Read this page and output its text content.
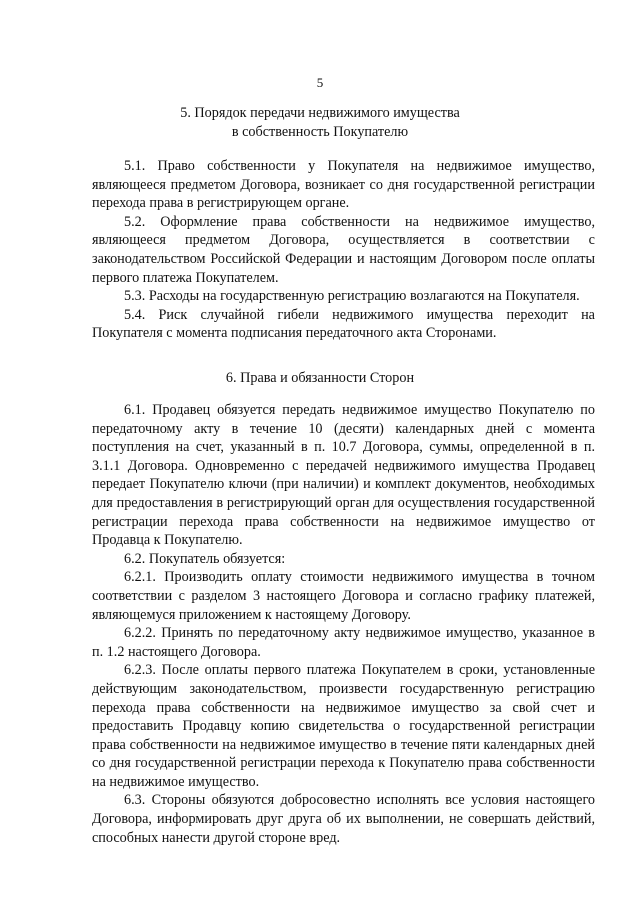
5
5. Порядок передачи недвижимого имущества
в собственность Покупателю

5.1. Право собственности у Покупателя на недвижимое имущество, являющееся предметом Договора, возникает со дня государственной регистрации перехода права в регистрирующем органе.

5.2. Оформление права собственности на недвижимое имущество, являющееся предметом Договора, осуществляется в соответствии с законодательством Российской Федерации и настоящим Договором после оплаты первого платежа Покупателем.

5.3. Расходы на государственную регистрацию возлагаются на Покупателя.

5.4. Риск случайной гибели недвижимого имущества переходит на Покупателя с момента подписания передаточного акта Сторонами.

6. Права и обязанности Сторон

6.1. Продавец обязуется передать недвижимое имущество Покупателю по передаточному акту в течение 10 (десяти) календарных дней с момента поступления на счет, указанный в п. 10.7 Договора, суммы, определенной в п. 3.1.1 Договора. Одновременно с передачей недвижимого имущества Продавец передает Покупателю ключи (при наличии) и комплект документов, необходимых для предоставления в регистрирующий орган для осуществления государственной регистрации перехода права собственности на недвижимое имущество от Продавца к Покупателю.

6.2. Покупатель обязуется:

6.2.1. Производить оплату стоимости недвижимого имущества в точном соответствии с разделом 3 настоящего Договора и согласно графику платежей, являющемуся приложением к настоящему Договору.

6.2.2. Принять по передаточному акту недвижимое имущество, указанное в п. 1.2 настоящего Договора.

6.2.3. После оплаты первого платежа Покупателем в сроки, установленные действующим законодательством, произвести государственную регистрацию перехода права собственности на недвижимое имущество за свой счет и предоставить Продавцу копию свидетельства о государственной регистрации права собственности на недвижимое имущество в течение пяти календарных дней со дня государственной регистрации перехода к Покупателю права собственности на недвижимое имущество.

6.3. Стороны обязуются добросовестно исполнять все условия настоящего Договора, информировать друг друга об их выполнении, не совершать действий, способных нанести другой стороне вред.
